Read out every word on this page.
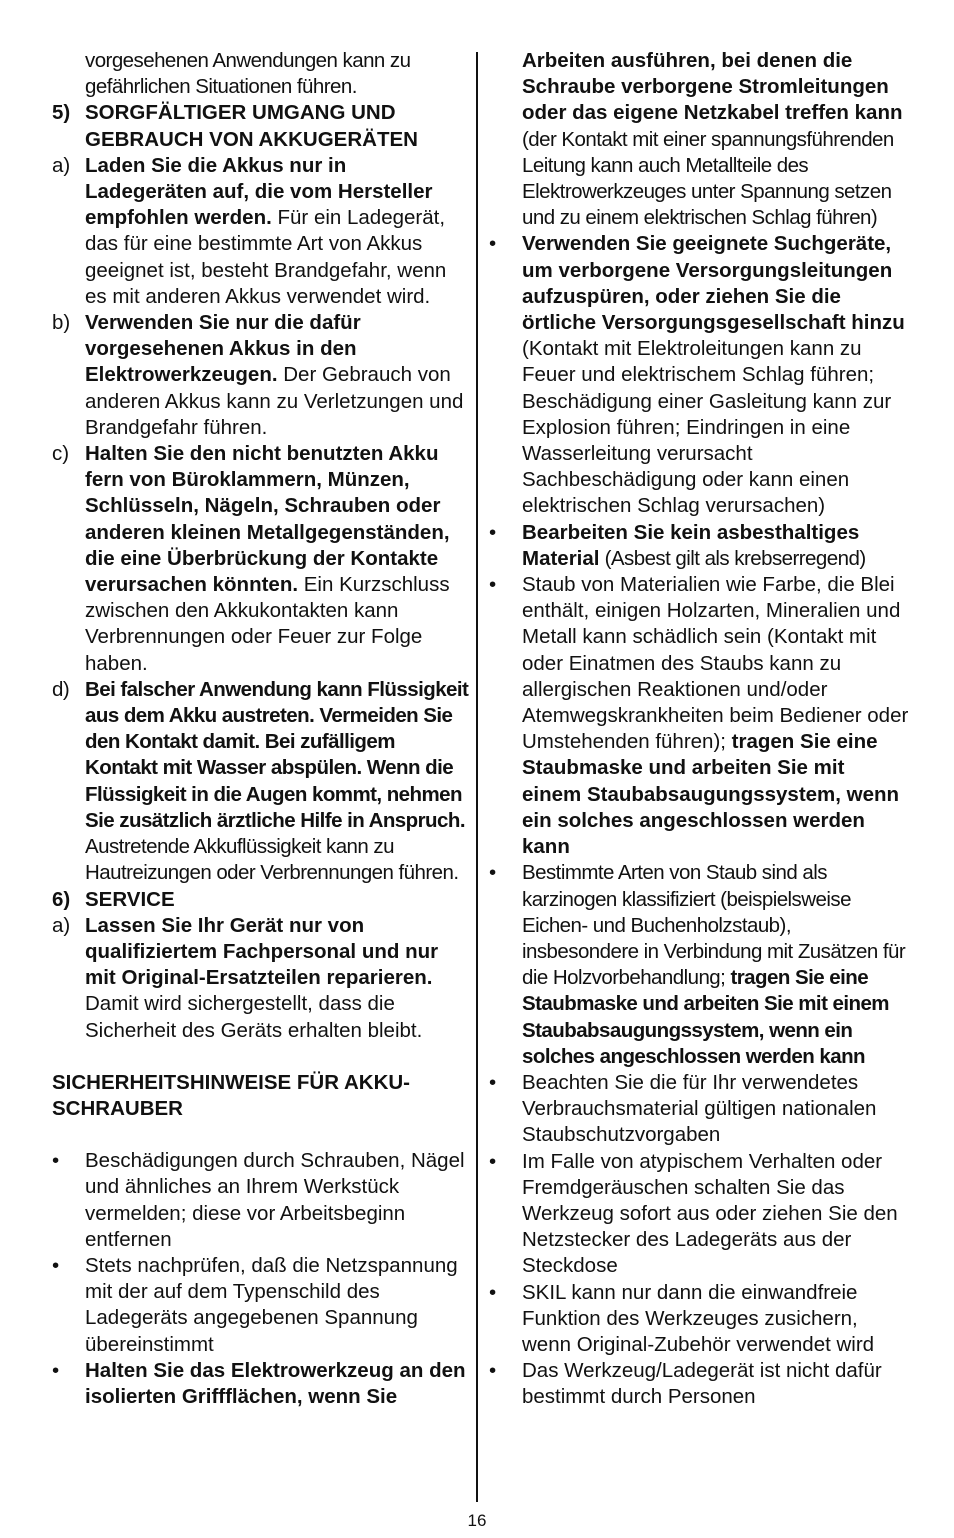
vorgesehenen Anwendungen kann zu gefährlichen Situationen führen.
5) SORGFÄLTIGER UMGANG UND GEBRAUCH VON AKKUGERÄTEN
a) Laden Sie die Akkus nur in Ladegeräten auf, die vom Hersteller empfohlen werden. Für ein Ladegerät, das für eine bestimmte Art von Akkus geeignet ist, besteht Brandgefahr, wenn es mit anderen Akkus verwendet wird.
b) Verwenden Sie nur die dafür vorgesehenen Akkus in den Elektrowerkzeugen. Der Gebrauch von anderen Akkus kann zu Verletzungen und Brandgefahr führen.
c) Halten Sie den nicht benutzten Akku fern von Büroklammern, Münzen, Schlüsseln, Nägeln, Schrauben oder anderen kleinen Metallgegenständen, die eine Überbrückung der Kontakte verursachen könnten. Ein Kurzschluss zwischen den Akkukontakten kann Verbrennungen oder Feuer zur Folge haben.
d) Bei falscher Anwendung kann Flüssigkeit aus dem Akku austreten. Vermeiden Sie den Kontakt damit. Bei zufälligem Kontakt mit Wasser abspülen. Wenn die Flüssigkeit in die Augen kommt, nehmen Sie zusätzlich ärztliche Hilfe in Anspruch. Austretende Akkuflüssigkeit kann zu Hautreizungen oder Verbrennungen führen.
6) SERVICE
a) Lassen Sie Ihr Gerät nur von qualifiziertem Fachpersonal und nur mit Original-Ersatzteilen reparieren. Damit wird sichergestellt, dass die Sicherheit des Geräts erhalten bleibt.
SICHERHEITSHINWEISE FÜR AKKU-SCHRAUBER
•	Beschädigungen durch Schrauben, Nägel und ähnliches an Ihrem Werkstück vermelden; diese vor Arbeitsbeginn entfernen
•	Stets nachprüfen, daß die Netzspannung mit der auf dem Typenschild des Ladegeräts angegebenen Spannung übereinstimmt
•	Halten Sie das Elektrowerkzeug an den isolierten Griffflächen, wenn Sie
Arbeiten ausführen, bei denen die Schraube verborgene Stromleitungen oder das eigene Netzkabel treffen kann (der Kontakt mit einer spannungsführenden Leitung kann auch Metallteile des Elektrowerkzeuges unter Spannung setzen und zu einem elektrischen Schlag führen)
•	Verwenden Sie geeignete Suchgeräte, um verborgene Versorgungsleitungen aufzuspüren, oder ziehen Sie die örtliche Versorgungsgesellschaft hinzu (Kontakt mit Elektroleitungen kann zu Feuer und elektrischem Schlag führen; Beschädigung einer Gasleitung kann zur Explosion führen; Eindringen in eine Wasserleitung verursacht Sachbeschädigung oder kann einen elektrischen Schlag verursachen)
•	Bearbeiten Sie kein asbesthaltiges Material (Asbest gilt als krebserregend)
•	Staub von Materialien wie Farbe, die Blei enthält, einigen Holzarten, Mineralien und Metall kann schädlich sein (Kontakt mit oder Einatmen des Staubs kann zu allergischen Reaktionen und/oder Atemwegskrankheiten beim Bediener oder Umstehenden führen); tragen Sie eine Staubmaske und arbeiten Sie mit einem Staubabsaugungssystem, wenn ein solches angeschlossen werden kann
•	Bestimmte Arten von Staub sind als karzinogen klassifiziert (beispielsweise Eichen- und Buchenholzstaub), insbesondere in Verbindung mit Zusätzen für die Holzvorbehandlung; tragen Sie eine Staubmaske und arbeiten Sie mit einem Staubabsaugungssystem, wenn ein solches angeschlossen werden kann
•	Beachten Sie die für Ihr verwendetes Verbrauchsmaterial gültigen nationalen Staubschutzvorgaben
•	Im Falle von atypischem Verhalten oder Fremdgeräuschen schalten Sie das Werkzeug sofort aus oder ziehen Sie den Netzstecker des Ladegeräts aus der Steckdose
•	SKIL kann nur dann die einwandfreie Funktion des Werkzeuges zusichern, wenn Original-Zubehör verwendet wird
•	Das Werkzeug/Ladegerät ist nicht dafür bestimmt durch Personen
16
